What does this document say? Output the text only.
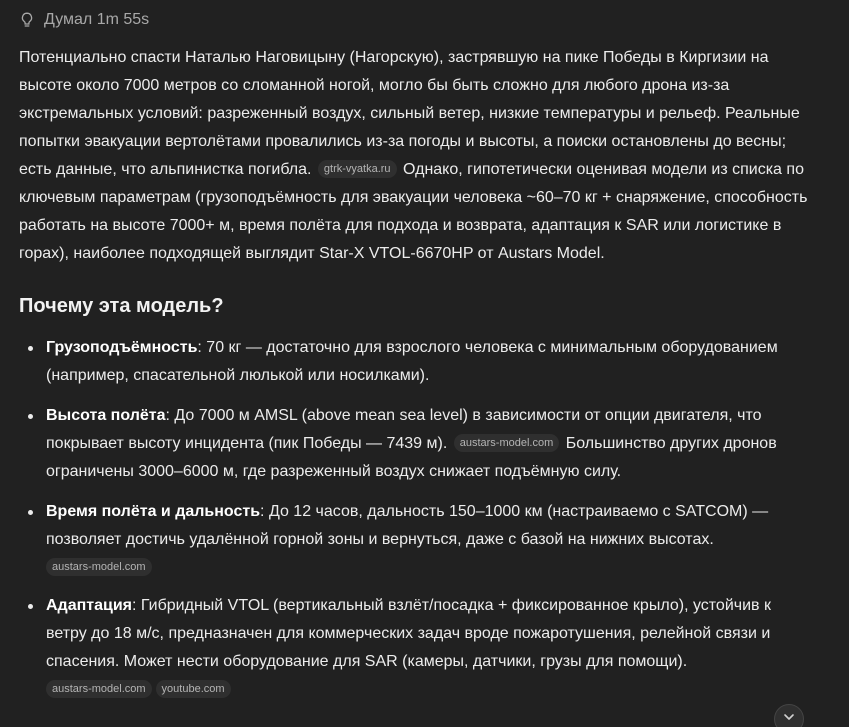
Думал 1m 55s

Потенциально спасти Наталью Наговицыну (Нагорскую), застрявшую на пике Победы в Киргизии на высоте около 7000 метров со сломанной ногой, могло бы быть сложно для любого дрона из-за экстремальных условий: разреженный воздух, сильный ветер, низкие температуры и рельеф. Реальные попытки эвакуации вертолётами провалились из-за погоды и высоты, а поиски остановлены до весны; есть данные, что альпинистка погибла. gtrk-vyatka.ru Однако, гипотетически оценивая модели из списка по ключевым параметрам (грузоподъёмность для эвакуации человека ~60–70 кг + снаряжение, способность работать на высоте 7000+ м, время полёта для подхода и возврата, адаптация к SAR или логистике в горах), наиболее подходящей выглядит Star-X VTOL-6670HP от Austars Model.

Почему эта модель?
Грузоподъёмность: 70 кг — достаточно для взрослого человека с минимальным оборудованием (например, спасательной люлькой или носилками).
Высота полёта: До 7000 м AMSL (above mean sea level) в зависимости от опции двигателя, что покрывает высоту инцидента (пик Победы — 7439 м). austars-model.com Большинство других дронов ограничены 3000–6000 м, где разреженный воздух снижает подъёмную силу.
Время полёта и дальность: До 12 часов, дальность 150–1000 км (настраиваемо с SATCOM) — позволяет достичь удалённой горной зоны и вернуться, даже с базой на нижних высотах.
austars-model.com
Адаптация: Гибридный VTOL (вертикальный взлёт/посадка + фиксированное крыло), устойчив к ветру до 18 м/с, предназначен для коммерческих задач вроде пожаротушения, релейной связи и спасения. Может нести оборудование для SAR (камеры, датчики, грузы для помощи).
austars-model.com youtube.com
